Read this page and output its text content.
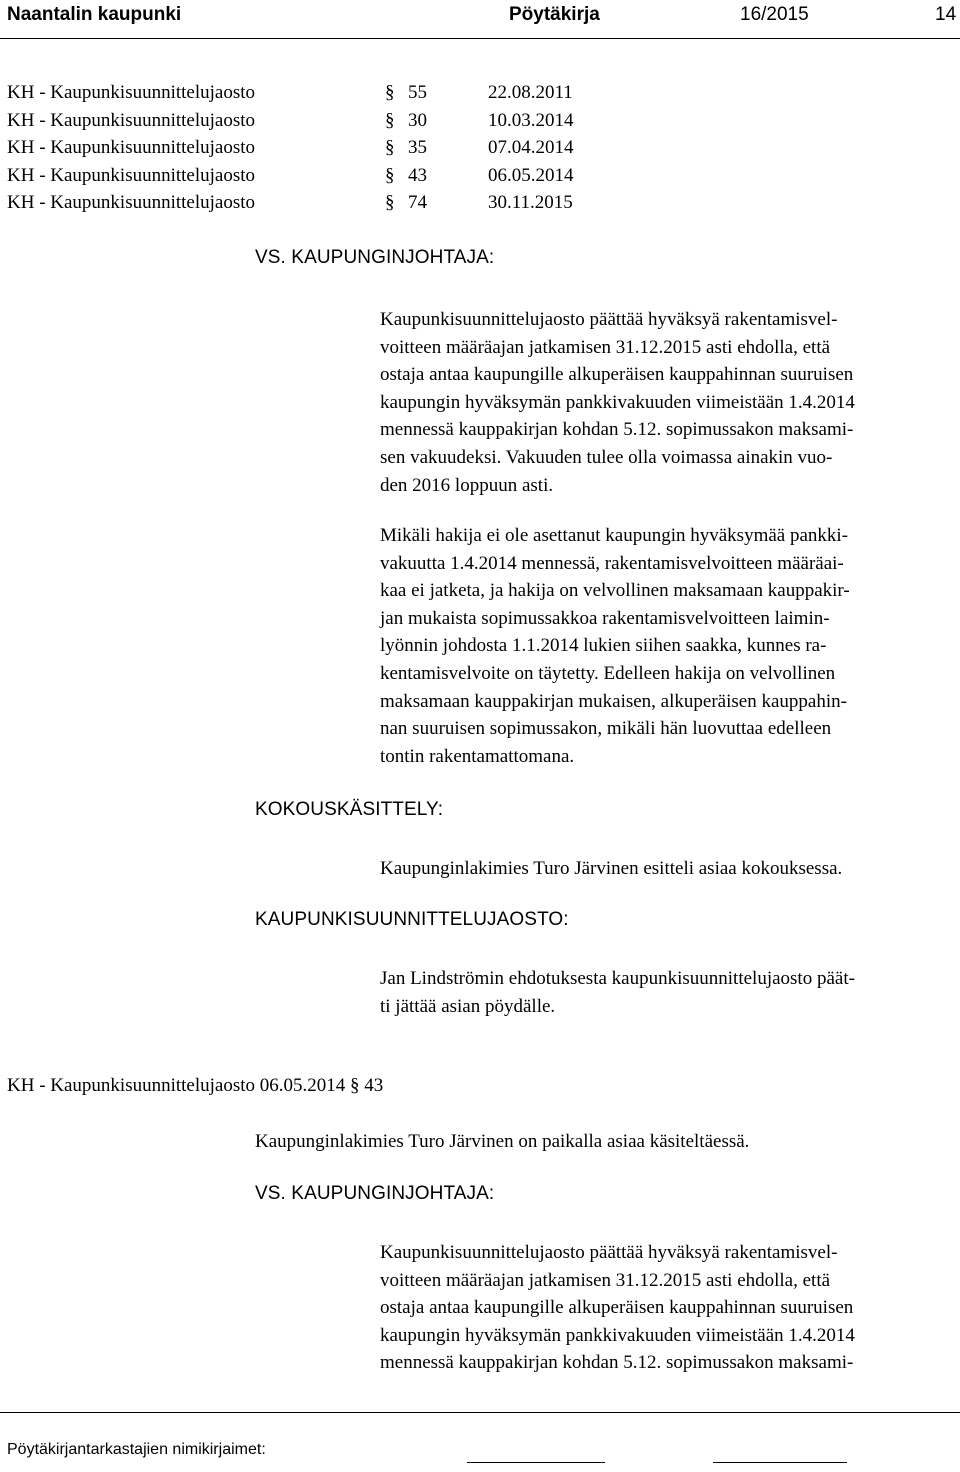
Naantalin kaupunki	Pöytäkirja	16/2015	14
KH - Kaupunkisuunnittelujaosto	§ 55	22.08.2011
KH - Kaupunkisuunnittelujaosto	§ 30	10.03.2014
KH - Kaupunkisuunnittelujaosto	§ 35	07.04.2014
KH - Kaupunkisuunnittelujaosto	§ 43	06.05.2014
KH - Kaupunkisuunnittelujaosto	§ 74	30.11.2015
VS. KAUPUNGINJOHTAJA:

Kaupunkisuunnittelujaosto päättää hyväksyä rakentamisvel-
voitteen määräajan jatkamisen 31.12.2015 asti ehdolla, että
ostaja antaa kaupungille alkuperäisen kauppahinnan suuruisen
kaupungin hyväksymän pankkivakuuden viimeistään 1.4.2014
mennessä kauppakirjan kohdan 5.12. sopimussakon maksami-
sen vakuudeksi. Vakuuden tulee olla voimassa ainakin vuo-
den 2016 loppuun asti.

Mikäli hakija ei ole asettanut kaupungin hyväksymää pankki-
vakuutta 1.4.2014 mennessä, rakentamisvelvoitteen määräai-
kaa ei jatketa, ja hakija on velvollinen maksamaan kauppakir-
jan mukaista sopimussakkoa rakentamisvelvoitteen laimin-
lyönnin johdosta 1.1.2014 lukien siihen saakka, kunnes ra-
kentamisvelvoite on täytetty. Edelleen hakija on velvollinen
maksamaan kauppakirjan mukaisen, alkuperäisen kauppahin-
nan suuruisen sopimussakon, mikäli hän luovuttaa edelleen
tontin rakentamattomana.

KOKOUSKÄSITTELY:

Kaupunginlakimies Turo Järvinen esitteli asiaa kokouksessa.

KAUPUNKISUUNNITTELUJAOSTO:

Jan Lindströmin ehdotuksesta kaupunkisuunnittelujaosto päät-
ti jättää asian pöydälle.

KH - Kaupunkisuunnittelujaosto 06.05.2014 § 43

Kaupunginlakimies Turo Järvinen on paikalla asiaa käsiteltäessä.

VS. KAUPUNGINJOHTAJA:

Kaupunkisuunnittelujaosto päättää hyväksyä rakentamisvel-
voitteen määräajan jatkamisen 31.12.2015 asti ehdolla, että
ostaja antaa kaupungille alkuperäisen kauppahinnan suuruisen
kaupungin hyväksymän pankkivakuuden viimeistään 1.4.2014
mennessä kauppakirjan kohdan 5.12. sopimussakon maksami-

Pöytäkirjantarkastajien nimikirjaimet:
